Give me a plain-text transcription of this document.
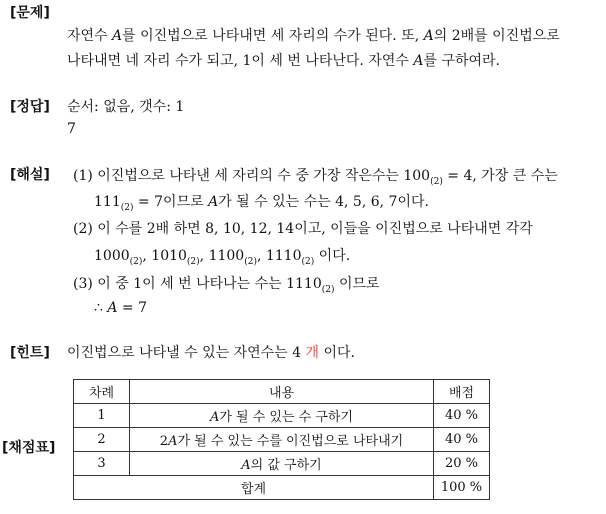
[문제]
[정답]
[해설]
[힌트]
[채점표]
자연수 A를 이진법으로 나타내면 세 자리의 수가 된다. 또, A의 2배를 이진법으로
나타내면 네 자리 수가 되고, 1이 세 번 나타난다. 자연수 A를 구하여라.
순서: 없음, 갯수: 1
7
(1) 이진법으로 나타낸 세 자리의 수 중 가장 작은수는 $100_{(2)} = 4$, 가장 큰 수는
$111_{(2)} = 7$이므로 A가 될 수 있는 수는 4, 5, 6, 7이다.
(2) 이 수를 2배 하면 8, 10, 12, 14이고, 이들을 이진법으로 나타내면 각각
$1000_{(2)}$, $1010_{(2)}$, $1100_{(2)}$, $1110_{(2)}$ 이다.
(3) 이 중 1이 세 번 나타나는 수는 $1110_{(2)}$ 이므로
∴ A = 7
이진법으로 나타낼 수 있는 자연수는 4 개 이다.
차례	내용	배점
1	A가 될 수 있는 수 구하기	40 %
2	2A가 될 수 있는 수를 이진법으로 나타내기	40 %
3	A의 값 구하기	20 %
합계		100 %
